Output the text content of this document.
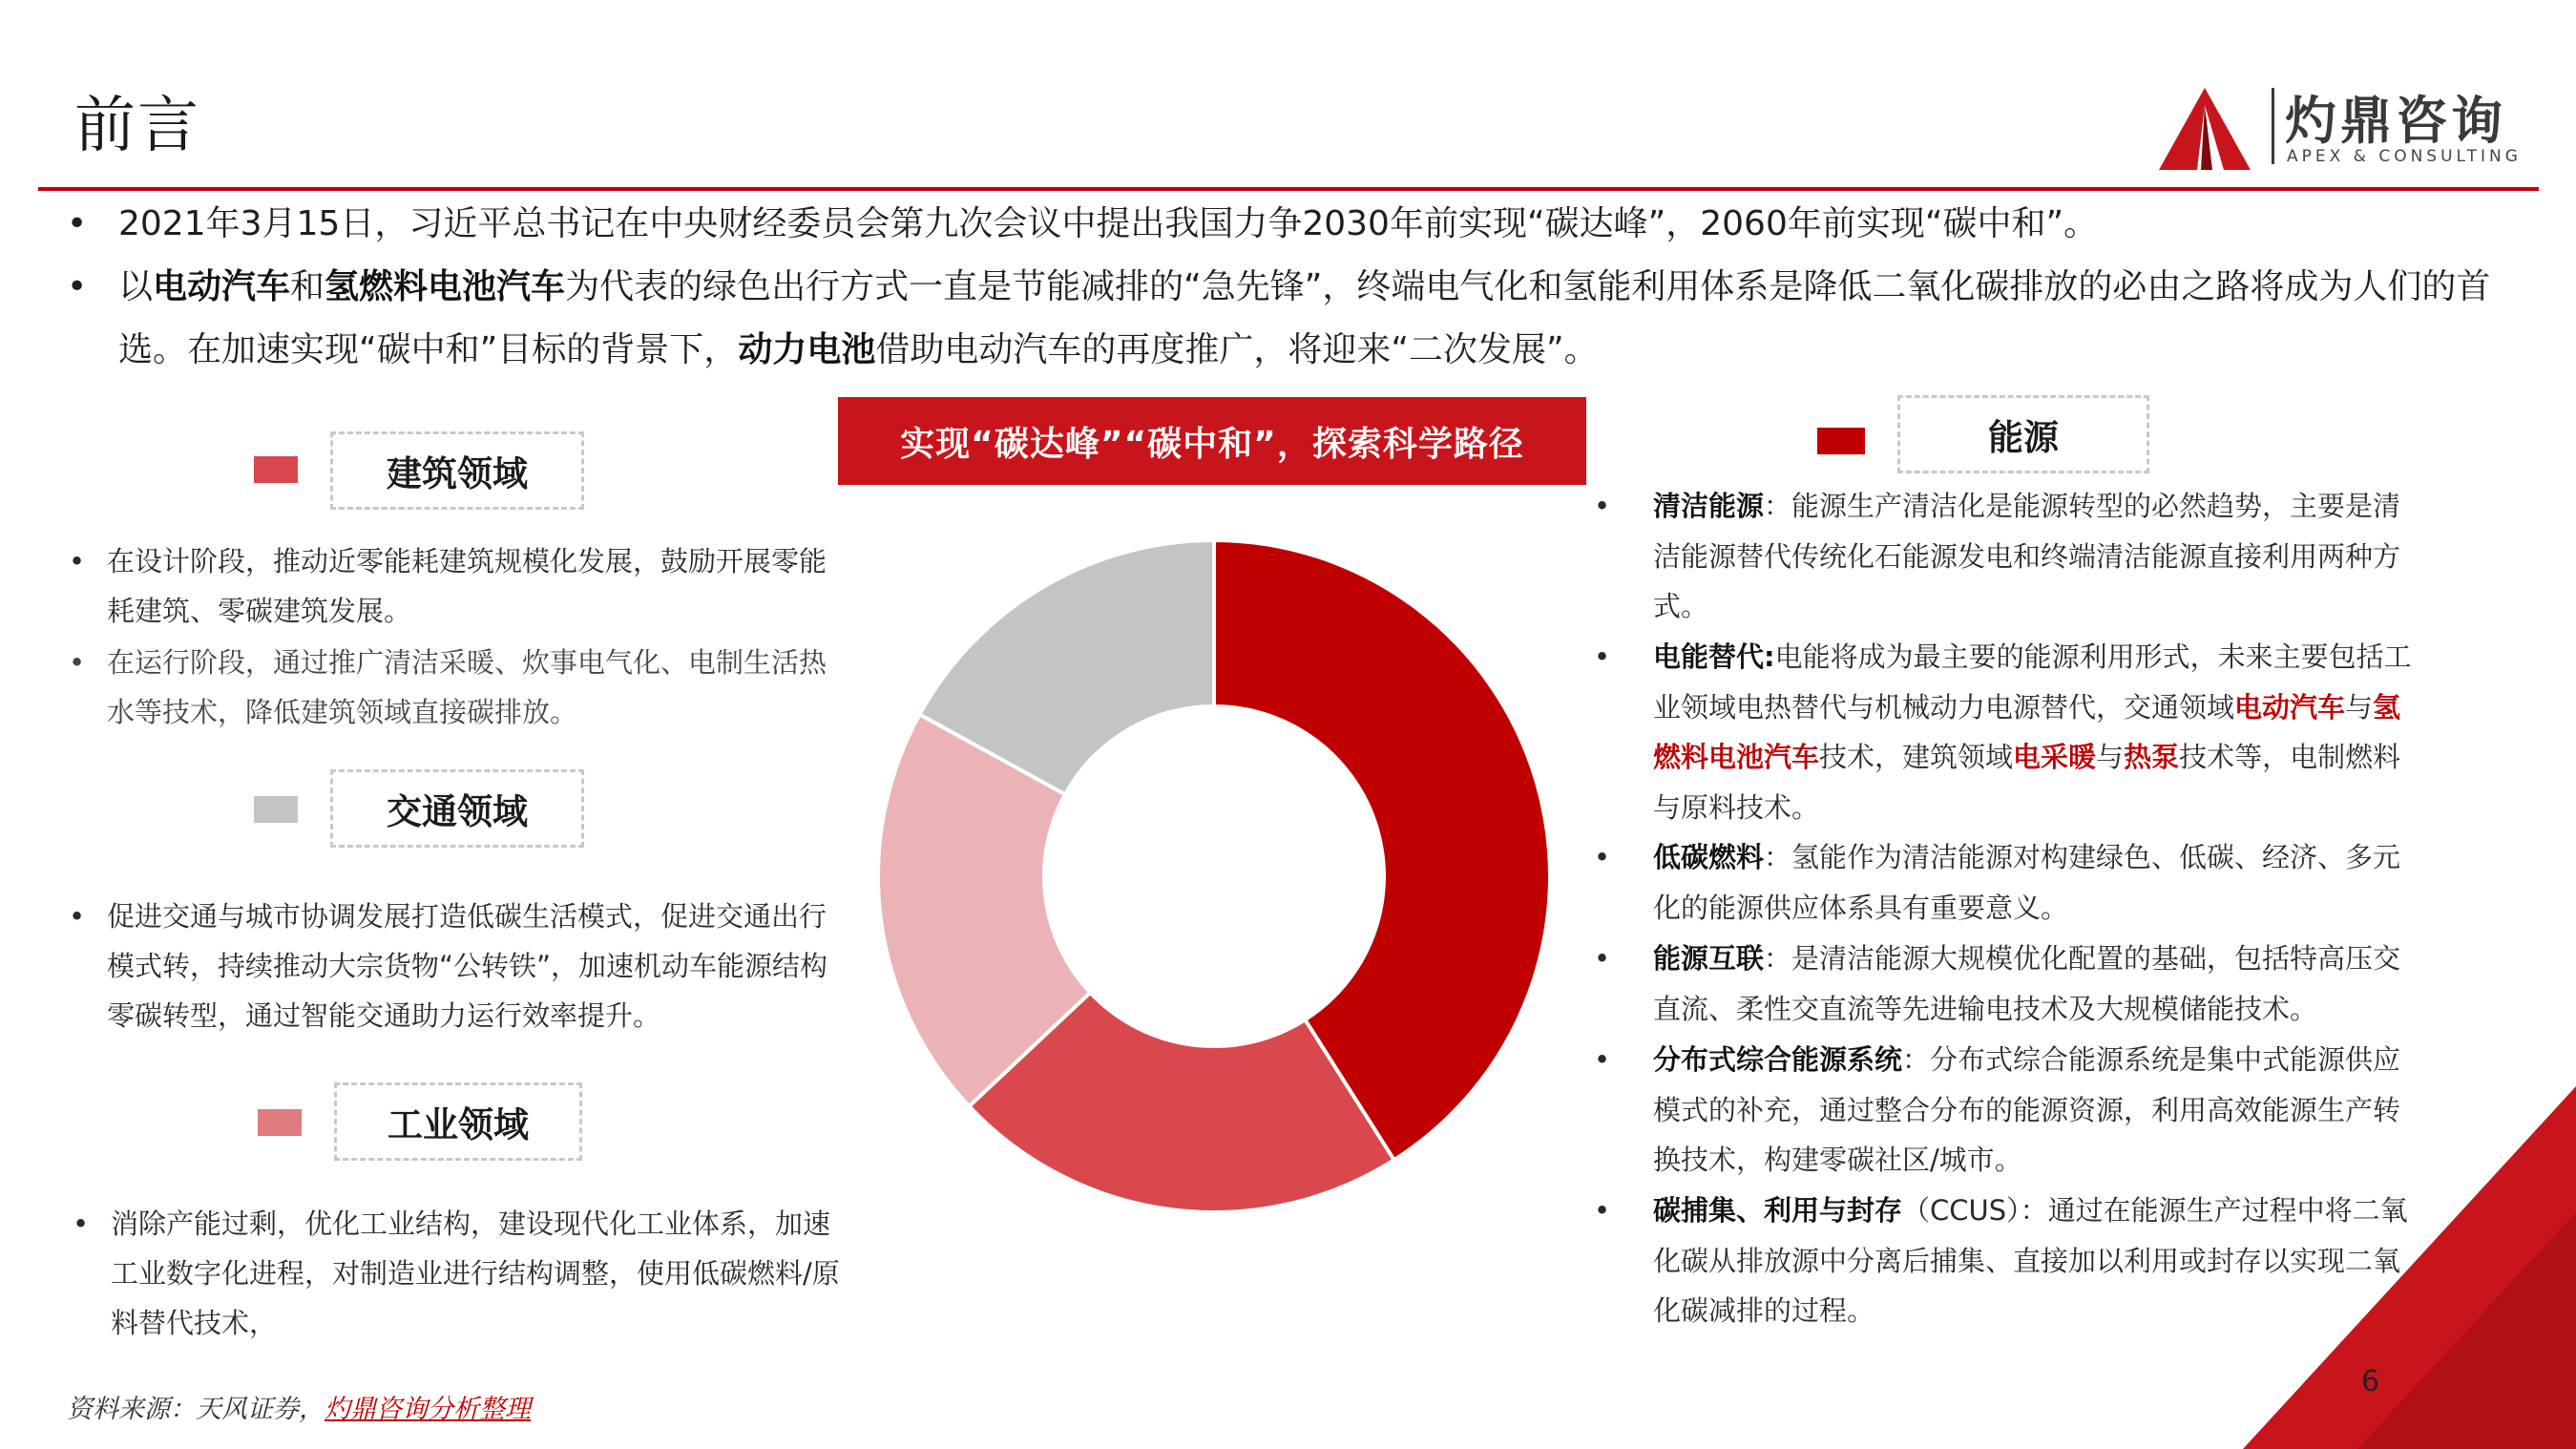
前言	灼鼎咨询
APEX & CONSULTING
• 2021年3月15日，习近平总书记在中央财经委员会第九次会议中提出我国力争2030年前实现“碳达峰”，2060年前实现“碳中和”。
• 以电动汽车和氢燃料电池汽车为代表的绿色出行方式一直是节能减排的“急先锋”，终端电气化和氢能利用体系是降低二氧化碳排放的必由之路将成为人们的首选。在加速实现“碳中和”目标的背景下，动力电池借助电动汽车的再度推广，将迎来“二次发展”。
建筑领域
• 在设计阶段，推动近零能耗建筑规模化发展，鼓励开展零能耗建筑、零碳建筑发展。
• 在运行阶段，通过推广清洁采暖、炊事电气化、电制生活热水等技术，降低建筑领域直接碳排放。
交通领域
• 促进交通与城市协调发展打造低碳生活模式，促进交通出行模式转，持续推动大宗货物“公转铁”，加速机动车能源结构零碳转型，通过智能交通助力运行效率提升。
工业领域
• 消除产能过剩，优化工业结构，建设现代化工业体系，加速工业数字化进程，对制造业进行结构调整，使用低碳燃料/原料替代技术，
实现“碳达峰”“碳中和”，探索科学路径	能源
• 清洁能源：能源生产清洁化是能源转型的必然趋势，主要是清洁能源替代传统化石能源发电和终端清洁能源直接利用两种方式。
• 电能替代:电能将成为最主要的能源利用形式，未来主要包括工业领域电热替代与机械动力电源替代，交通领域电动汽车与氢燃料电池汽车技术，建筑领域电采暖与热泵技术等，电制燃料与原料技术。
• 低碳燃料：氢能作为清洁能源对构建绿色、低碳、经济、多元化的能源供应体系具有重要意义。
• 能源互联：是清洁能源大规模优化配置的基础，包括特高压交直流、柔性交直流等先进输电技术及大规模储能技术。
• 分布式综合能源系统：分布式综合能源系统是集中式能源供应模式的补充，通过整合分布的能源资源，利用高效能源生产转换技术，构建零碳社区/城市。
• 碳捕集、利用与封存（CCUS）：通过在能源生产过程中将二氧化碳从排放源中分离后捕集、直接加以利用或封存以实现二氧化碳减排的过程。
资料来源：天风证券，灼鼎咨询分析整理
6
